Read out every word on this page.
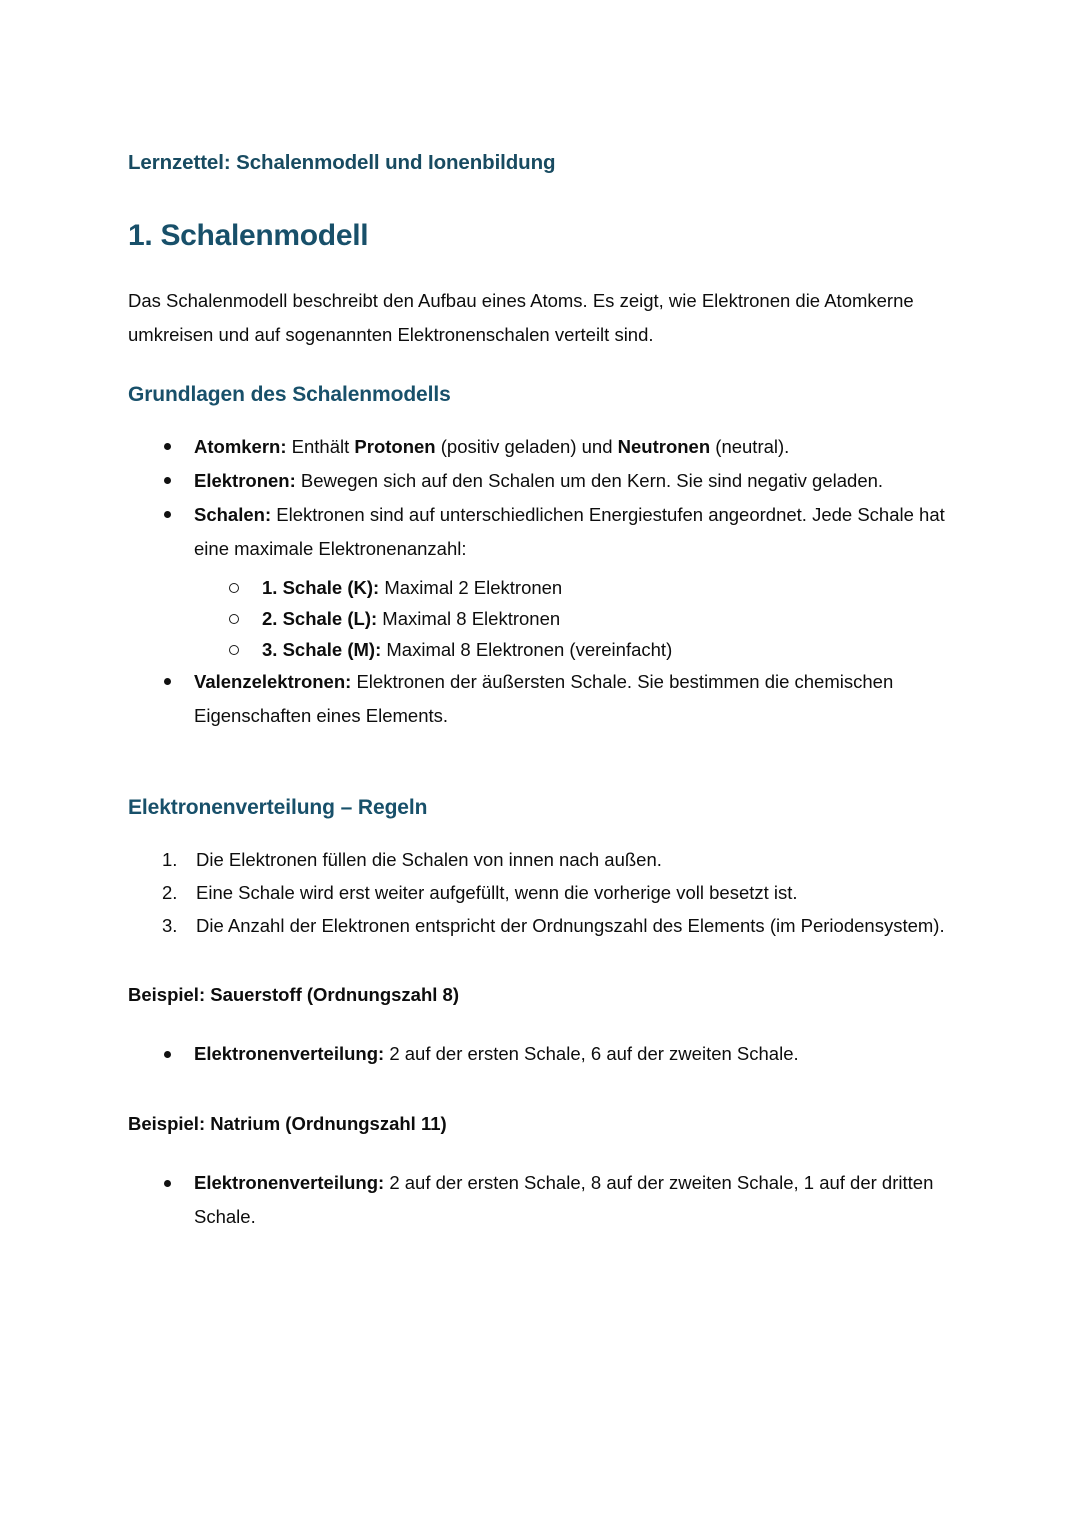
Lernzettel: Schalenmodell und Ionenbildung
1. Schalenmodell

Das Schalenmodell beschreibt den Aufbau eines Atoms. Es zeigt, wie Elektronen die Atomkerne umkreisen und auf sogenannten Elektronenschalen verteilt sind.

Grundlagen des Schalenmodells
Atomkern: Enthält Protonen (positiv geladen) und Neutronen (neutral).
Elektronen: Bewegen sich auf den Schalen um den Kern. Sie sind negativ geladen.
Schalen: Elektronen sind auf unterschiedlichen Energiestufen angeordnet. Jede Schale hat eine maximale Elektronenanzahl:
1. Schale (K): Maximal 2 Elektronen
2. Schale (L): Maximal 8 Elektronen
3. Schale (M): Maximal 8 Elektronen (vereinfacht)
Valenzelektronen: Elektronen der äußersten Schale. Sie bestimmen die chemischen Eigenschaften eines Elements.
Elektronenverteilung – Regeln
1.	Die Elektronen füllen die Schalen von innen nach außen.
2.	Eine Schale wird erst weiter aufgefüllt, wenn die vorherige voll besetzt ist.
3.	Die Anzahl der Elektronen entspricht der Ordnungszahl des Elements (im Periodensystem).
Beispiel: Sauerstoff (Ordnungszahl 8)
Elektronenverteilung: 2 auf der ersten Schale, 6 auf der zweiten Schale.
Beispiel: Natrium (Ordnungszahl 11)
Elektronenverteilung: 2 auf der ersten Schale, 8 auf der zweiten Schale, 1 auf der dritten Schale.
